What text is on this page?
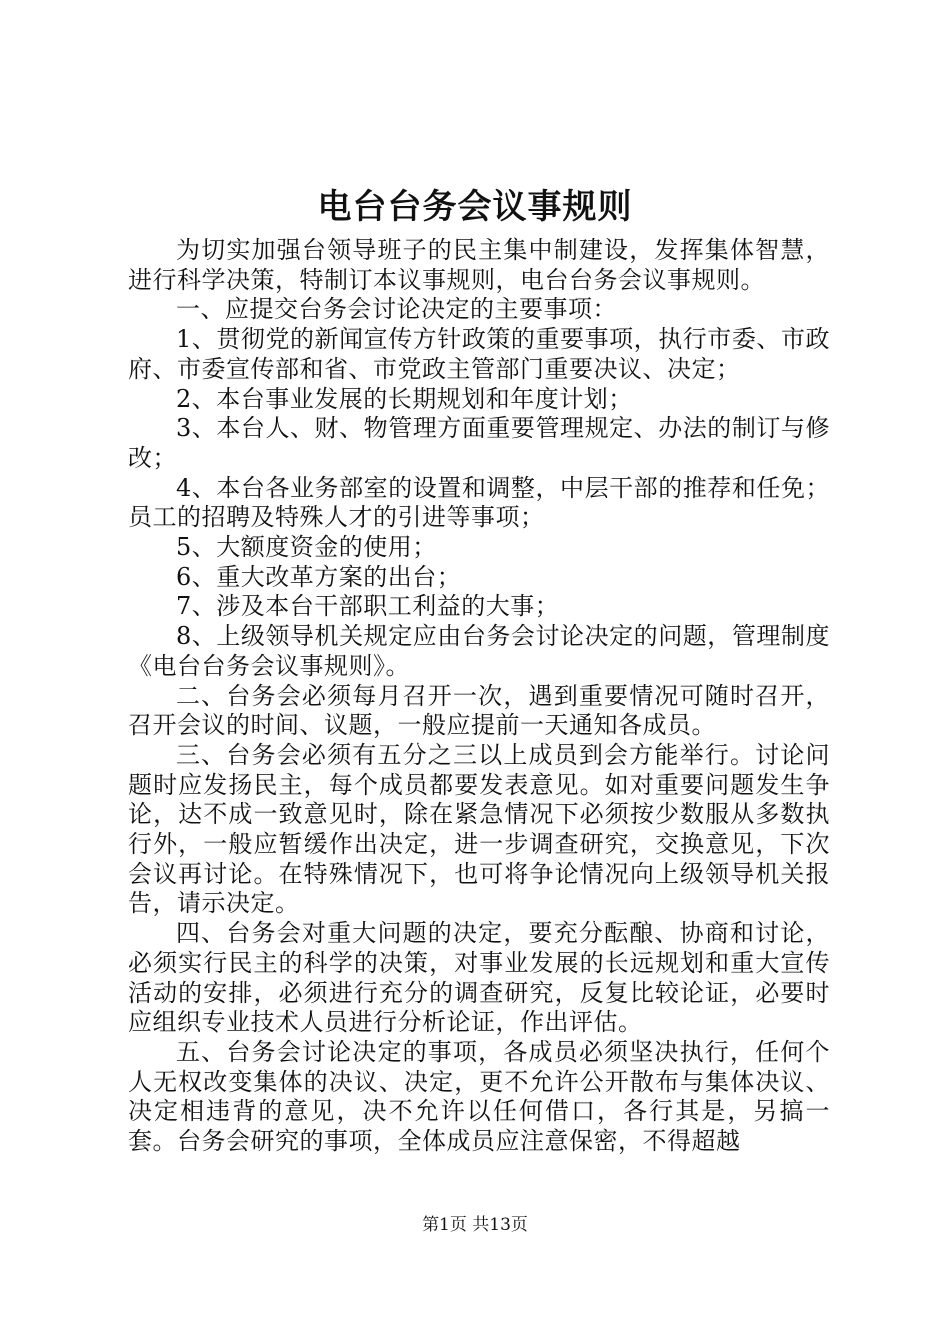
电台台务会议事规则

为切实加强台领导班子的民主集中制建设，发挥集体智慧，进行科学决策，特制订本议事规则，电台台务会议事规则。

一、应提交台务会讨论决定的主要事项：

1、贯彻党的新闻宣传方针政策的重要事项，执行市委、市政府、市委宣传部和省、市党政主管部门重要决议、决定；

2、本台事业发展的长期规划和年度计划；

3、本台人、财、物管理方面重要管理规定、办法的制订与修改；

4、本台各业务部室的设置和调整，中层干部的推荐和任免；员工的招聘及特殊人才的引进等事项；

5、大额度资金的使用；

6、重大改革方案的出台；

7、涉及本台干部职工利益的大事；

8、上级领导机关规定应由台务会讨论决定的问题，管理制度《电台台务会议事规则》。

二、台务会必须每月召开一次，遇到重要情况可随时召开，召开会议的时间、议题，一般应提前一天通知各成员。

三、台务会必须有五分之三以上成员到会方能举行。讨论问题时应发扬民主，每个成员都要发表意见。如对重要问题发生争论，达不成一致意见时，除在紧急情况下必须按少数服从多数执行外，一般应暂缓作出决定，进一步调查研究，交换意见，下次会议再讨论。在特殊情况下，也可将争论情况向上级领导机关报告，请示决定。

四、台务会对重大问题的决定，要充分酝酿、协商和讨论，必须实行民主的科学的决策，对事业发展的长远规划和重大宣传活动的安排，必须进行充分的调查研究，反复比较论证，必要时应组织专业技术人员进行分析论证，作出评估。

五、台务会讨论决定的事项，各成员必须坚决执行，任何个人无权改变集体的决议、决定，更不允许公开散布与集体决议、决定相违背的意见，决不允许以任何借口，各行其是，另搞一套。台务会研究的事项，全体成员应注意保密，不得超越

第1页 共13页
